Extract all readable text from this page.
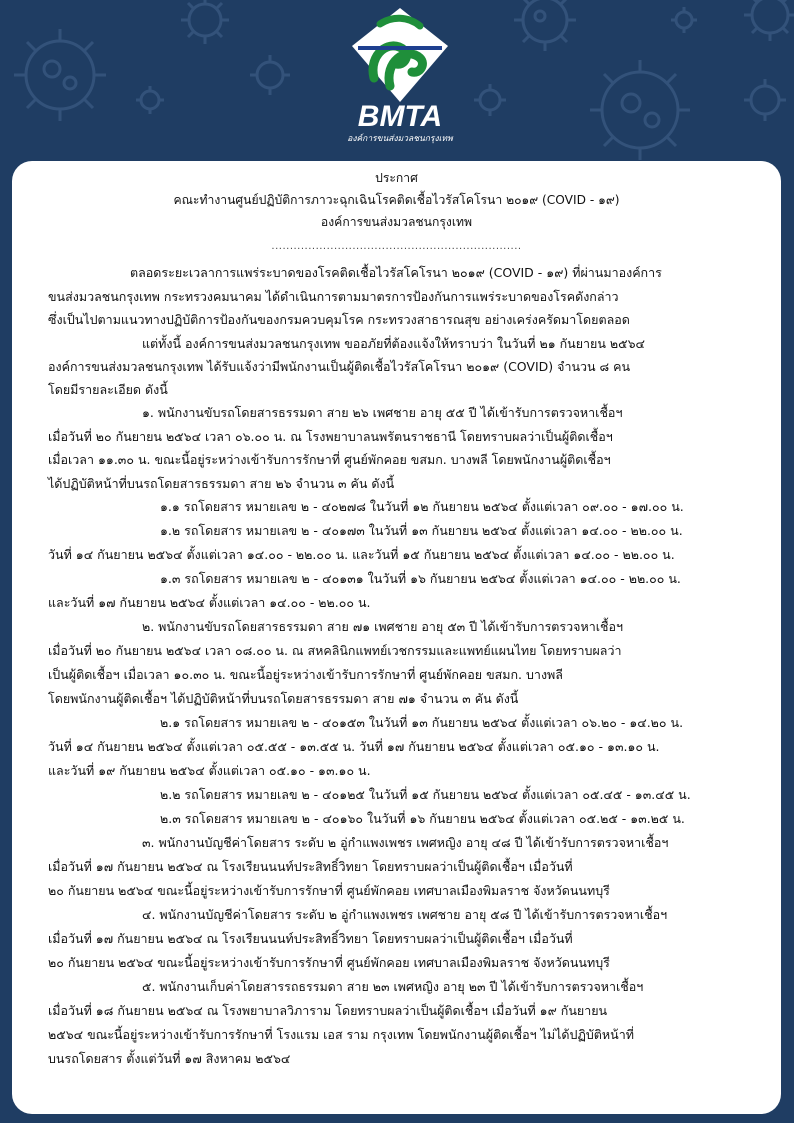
BMTA
องค์การขนส่งมวลชนกรุงเทพ
ประกาศ
คณะทำงานศูนย์ปฏิบัติการภาวะฉุกเฉินโรคติดเชื้อไวรัสโคโรนา ๒๐๑๙ (COVID - ๑๙)
องค์การขนส่งมวลชนกรุงเทพ
....................................................................
ตลอดระยะเวลาการแพร่ระบาดของโรคติดเชื้อไวรัสโคโรนา ๒๐๑๙ (COVID - ๑๙) ที่ผ่านมาองค์การ
ขนส่งมวลชนกรุงเทพ กระทรวงคมนาคม ได้ดำเนินการตามมาตรการป้องกันการแพร่ระบาดของโรคดังกล่าว
ซึ่งเป็นไปตามแนวทางปฏิบัติการป้องกันของกรมควบคุมโรค กระทรวงสาธารณสุข อย่างเคร่งครัดมาโดยตลอด
แต่ทั้งนี้ องค์การขนส่งมวลชนกรุงเทพ ขออภัยที่ต้องแจ้งให้ทราบว่า ในวันที่ ๒๑ กันยายน ๒๕๖๔
องค์การขนส่งมวลชนกรุงเทพ ได้รับแจ้งว่ามีพนักงานเป็นผู้ติดเชื้อไวรัสโคโรนา ๒๐๑๙ (COVID) จำนวน ๘ คน
โดยมีรายละเอียด ดังนี้
๑. พนักงานขับรถโดยสารธรรมดา สาย ๒๖ เพศชาย อายุ ๕๕ ปี ได้เข้ารับการตรวจหาเชื้อฯ
เมื่อวันที่ ๒๐ กันยายน ๒๕๖๔ เวลา ๐๖.๐๐ น. ณ โรงพยาบาลนพรัตนราชธานี โดยทราบผลว่าเป็นผู้ติดเชื้อฯ
เมื่อเวลา ๑๑.๓๐ น. ขณะนี้อยู่ระหว่างเข้ารับการรักษาที่ ศูนย์พักคอย ขสมก. บางพลี โดยพนักงานผู้ติดเชื้อฯ
ได้ปฏิบัติหน้าที่บนรถโดยสารธรรมดา สาย ๒๖ จำนวน ๓ คัน ดังนี้
๑.๑ รถโดยสาร หมายเลข ๒ - ๔๐๒๗๘ ในวันที่ ๑๒ กันยายน ๒๕๖๔ ตั้งแต่เวลา ๐๙.๐๐ - ๑๗.๐๐ น.
๑.๒ รถโดยสาร หมายเลข ๒ - ๔๐๑๗๓ ในวันที่ ๑๓ กันยายน ๒๕๖๔ ตั้งแต่เวลา ๑๔.๐๐ - ๒๒.๐๐ น.
วันที่ ๑๔ กันยายน ๒๕๖๔ ตั้งแต่เวลา ๑๔.๐๐ - ๒๒.๐๐ น. และวันที่ ๑๕ กันยายน ๒๕๖๔ ตั้งแต่เวลา ๑๔.๐๐ - ๒๒.๐๐ น.
๑.๓ รถโดยสาร หมายเลข ๒ - ๔๐๑๓๑ ในวันที่ ๑๖ กันยายน ๒๕๖๔ ตั้งแต่เวลา ๑๔.๐๐ - ๒๒.๐๐ น.
และวันที่ ๑๗ กันยายน ๒๕๖๔ ตั้งแต่เวลา ๑๔.๐๐ - ๒๒.๐๐ น.
๒. พนักงานขับรถโดยสารธรรมดา สาย ๗๑ เพศชาย อายุ ๕๓ ปี ได้เข้ารับการตรวจหาเชื้อฯ
เมื่อวันที่ ๒๐ กันยายน ๒๕๖๔ เวลา ๐๘.๐๐ น. ณ สหคลินิกแพทย์เวชกรรมและแพทย์แผนไทย โดยทราบผลว่า
เป็นผู้ติดเชื้อฯ เมื่อเวลา ๑๐.๓๐ น. ขณะนี้อยู่ระหว่างเข้ารับการรักษาที่ ศูนย์พักคอย ขสมก. บางพลี
โดยพนักงานผู้ติดเชื้อฯ ได้ปฏิบัติหน้าที่บนรถโดยสารธรรมดา สาย ๗๑ จำนวน ๓ คัน ดังนี้
๒.๑ รถโดยสาร หมายเลข ๒ - ๔๐๑๕๓ ในวันที่ ๑๓ กันยายน ๒๕๖๔ ตั้งแต่เวลา ๐๖.๒๐ - ๑๔.๒๐ น.
วันที่ ๑๔ กันยายน ๒๕๖๔ ตั้งแต่เวลา ๐๕.๕๕ - ๑๓.๕๕ น. วันที่ ๑๗ กันยายน ๒๕๖๔ ตั้งแต่เวลา ๐๕.๑๐ - ๑๓.๑๐ น.
และวันที่ ๑๙ กันยายน ๒๕๖๔ ตั้งแต่เวลา ๐๕.๑๐ - ๑๓.๑๐ น.
๒.๒ รถโดยสาร หมายเลข ๒ - ๔๐๑๒๕ ในวันที่ ๑๕ กันยายน ๒๕๖๔ ตั้งแต่เวลา ๐๕.๔๕ - ๑๓.๔๕ น.
๒.๓ รถโดยสาร หมายเลข ๒ - ๔๐๑๖๐ ในวันที่ ๑๖ กันยายน ๒๕๖๔ ตั้งแต่เวลา ๐๕.๒๕ - ๑๓.๒๕ น.
๓. พนักงานบัญชีค่าโดยสาร ระดับ ๒ อู่กำแพงเพชร เพศหญิง อายุ ๔๘ ปี ได้เข้ารับการตรวจหาเชื้อฯ
เมื่อวันที่ ๑๗ กันยายน ๒๕๖๔ ณ โรงเรียนนนท์ประสิทธิ์วิทยา โดยทราบผลว่าเป็นผู้ติดเชื้อฯ เมื่อวันที่
๒๐ กันยายน ๒๕๖๔ ขณะนี้อยู่ระหว่างเข้ารับการรักษาที่ ศูนย์พักคอย เทศบาลเมืองพิมลราช จังหวัดนนทบุรี
๔. พนักงานบัญชีค่าโดยสาร ระดับ ๒ อู่กำแพงเพชร เพศชาย อายุ ๕๘ ปี ได้เข้ารับการตรวจหาเชื้อฯ
เมื่อวันที่ ๑๗ กันยายน ๒๕๖๔ ณ โรงเรียนนนท์ประสิทธิ์วิทยา โดยทราบผลว่าเป็นผู้ติดเชื้อฯ เมื่อวันที่
๒๐ กันยายน ๒๕๖๔ ขณะนี้อยู่ระหว่างเข้ารับการรักษาที่ ศูนย์พักคอย เทศบาลเมืองพิมลราช จังหวัดนนทบุรี
๕. พนักงานเก็บค่าโดยสารรถธรรมดา สาย ๒๓ เพศหญิง อายุ ๒๓ ปี ได้เข้ารับการตรวจหาเชื้อฯ
เมื่อวันที่ ๑๘ กันยายน ๒๕๖๔ ณ โรงพยาบาลวิภาราม โดยทราบผลว่าเป็นผู้ติดเชื้อฯ เมื่อวันที่ ๑๙ กันยายน
๒๕๖๔ ขณะนี้อยู่ระหว่างเข้ารับการรักษาที่ โรงแรม เอส ราม กรุงเทพ โดยพนักงานผู้ติดเชื้อฯ ไม่ได้ปฏิบัติหน้าที่
บนรถโดยสาร ตั้งแต่วันที่ ๑๗ สิงหาคม ๒๕๖๔
